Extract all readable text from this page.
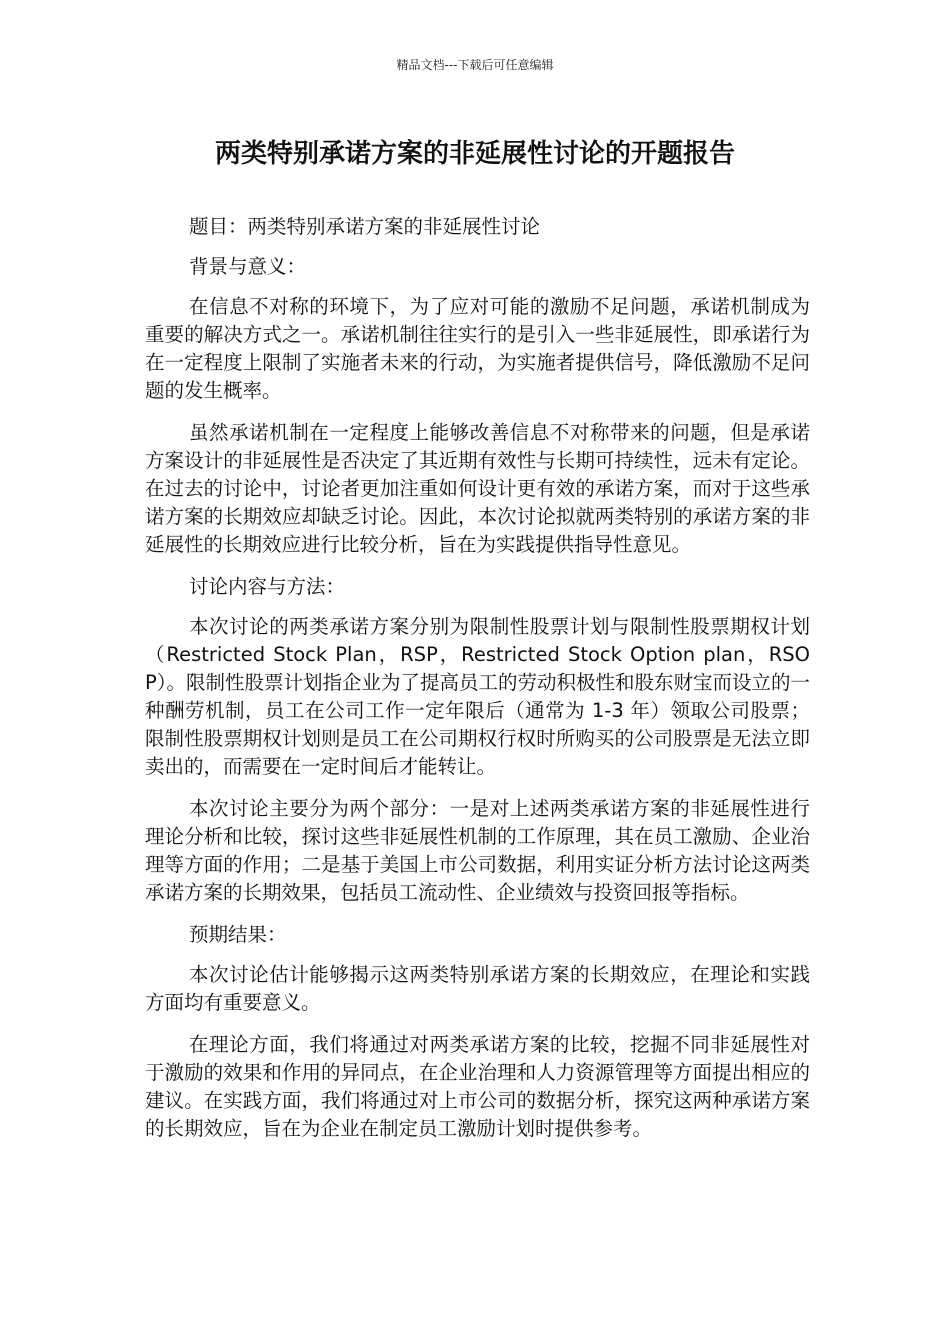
精品文档---下载后可任意编辑
两类特别承诺方案的非延展性讨论的开题报告

题目：两类特别承诺方案的非延展性讨论

背景与意义：

在信息不对称的环境下，为了应对可能的激励不足问题，承诺机制成为重要的解决方式之一。承诺机制往往实行的是引入一些非延展性，即承诺行为在一定程度上限制了实施者未来的行动，为实施者提供信号，降低激励不足问题的发生概率。

虽然承诺机制在一定程度上能够改善信息不对称带来的问题，但是承诺方案设计的非延展性是否决定了其近期有效性与长期可持续性，远未有定论。在过去的讨论中，讨论者更加注重如何设计更有效的承诺方案，而对于这些承诺方案的长期效应却缺乏讨论。因此，本次讨论拟就两类特别的承诺方案的非延展性的长期效应进行比较分析，旨在为实践提供指导性意见。

讨论内容与方法：

本次讨论的两类承诺方案分别为限制性股票计划与限制性股票期权计划（Restricted Stock Plan，RSP，Restricted Stock Option plan，RSOP）。限制性股票计划指企业为了提高员工的劳动积极性和股东财宝而设立的一种酬劳机制，员工在公司工作一定年限后（通常为 1-3 年）领取公司股票；限制性股票期权计划则是员工在公司期权行权时所购买的公司股票是无法立即卖出的，而需要在一定时间后才能转让。

本次讨论主要分为两个部分：一是对上述两类承诺方案的非延展性进行理论分析和比较，探讨这些非延展性机制的工作原理，其在员工激励、企业治理等方面的作用；二是基于美国上市公司数据，利用实证分析方法讨论这两类承诺方案的长期效果，包括员工流动性、企业绩效与投资回报等指标。

预期结果：

本次讨论估计能够揭示这两类特别承诺方案的长期效应，在理论和实践方面均有重要意义。

在理论方面，我们将通过对两类承诺方案的比较，挖掘不同非延展性对于激励的效果和作用的异同点，在企业治理和人力资源管理等方面提出相应的建议。在实践方面，我们将通过对上市公司的数据分析，探究这两种承诺方案的长期效应，旨在为企业在制定员工激励计划时提供参考。
